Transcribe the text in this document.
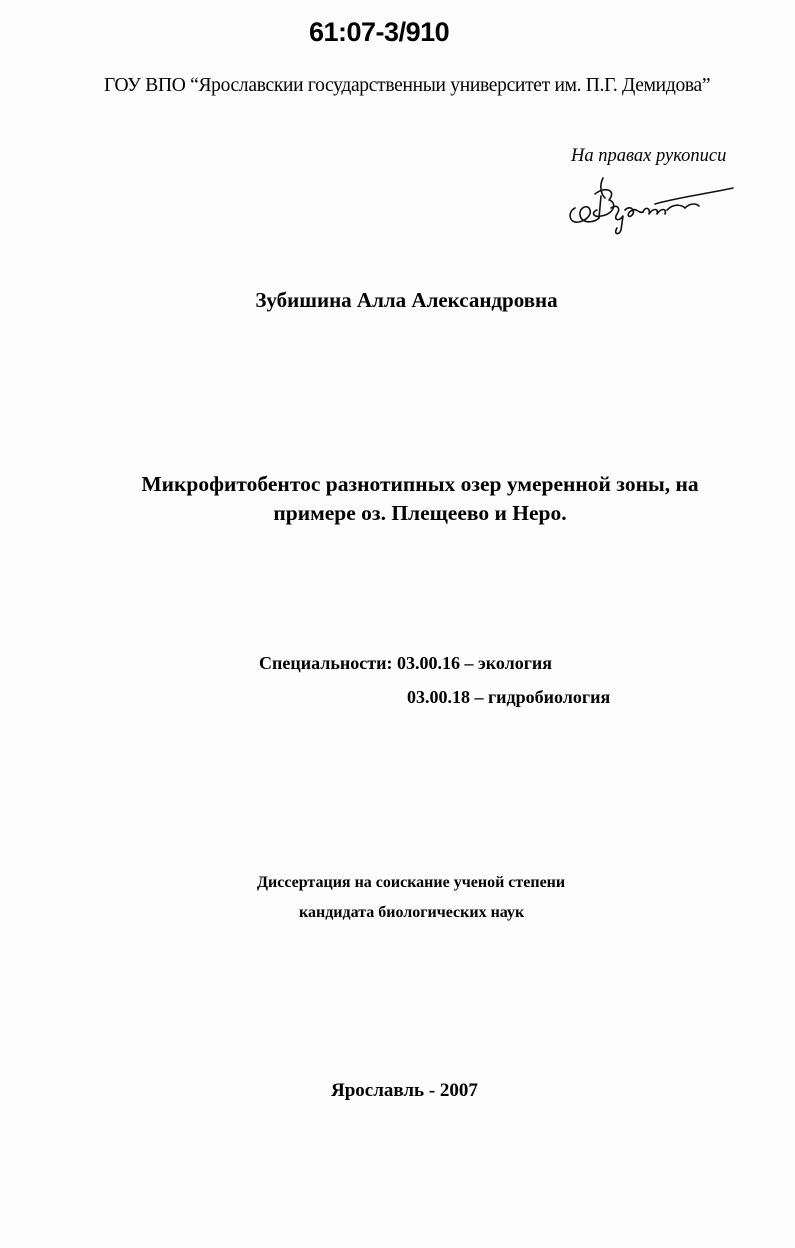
61:07-3/910
ГОУ ВПО “Ярославскии государственныи университет им. П.Г. Демидова”
На правах рукописи
Зубишина Алла Александровна
Микрофитобентос разнотипных озер умеренной зоны, на
примере оз. Плещеево и Неро.
Специальности: 03.00.16 – экология
03.00.18 – гидробиология
Диссертация на соискание ученой степени
кандидата биологических наук
Ярославль - 2007
